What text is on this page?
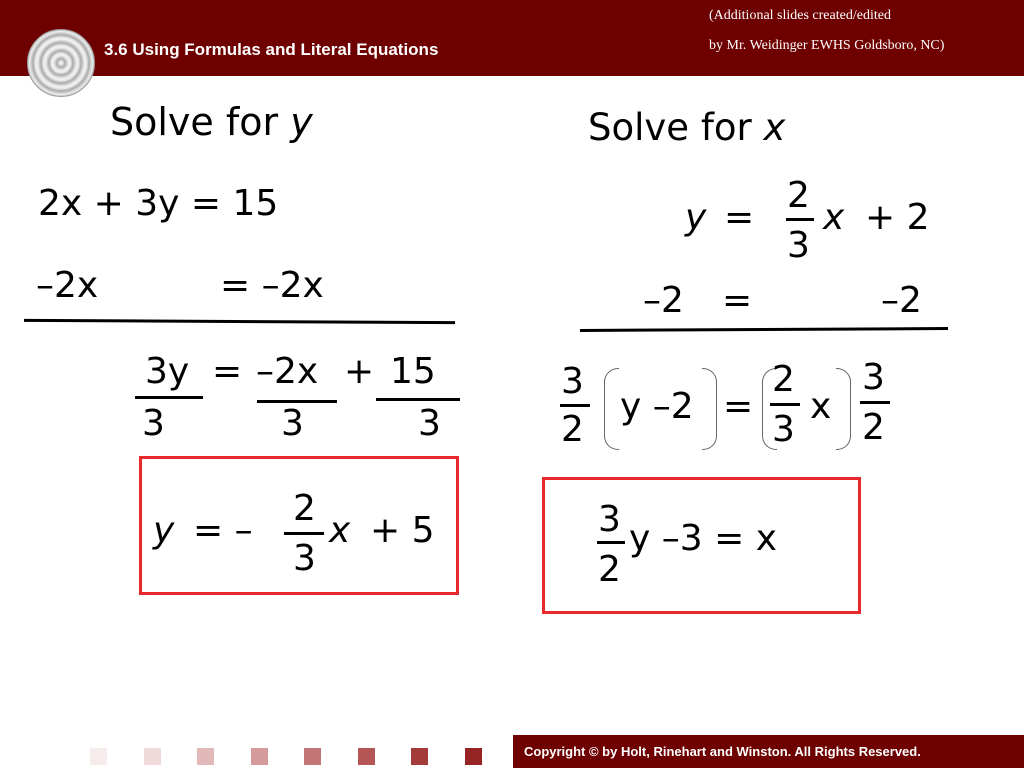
3.6 Using Formulas and Literal Equations
(Additional slides created/edited
by Mr. Weidinger EWHS Goldsboro, NC)
Solve for y
2x + 3y = 15
–2x	= –2x
3y = –2x + 15
3	3	3
y = –
2
3
x + 5
Solve for x
y =
2
3
x + 2
–2 =	–2
3
2
y –2 =
2
3
x
3
2
3
2
y –3 = x
Copyright © by Holt, Rinehart and Winston. All Rights Reserved.
